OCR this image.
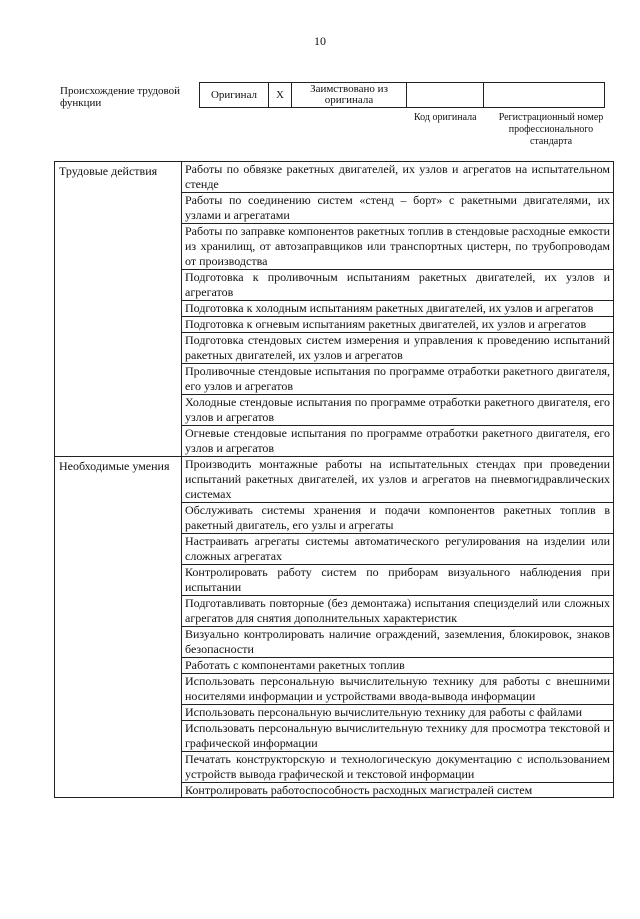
10
Происхождение трудовой функции
Оригинал	X	Заимствовано из оригинала		
Код оригинала	Регистрационный номер профессионального стандарта
Трудовые действия	Работы по обвязке ракетных двигателей, их узлов и агрегатов на испытательном стенде
	Работы по соединению систем «стенд – борт» с ракетными двигателями, их узлами и агрегатами
	Работы по заправке компонентов ракетных топлив в стендовые расходные емкости из хранилищ, от автозаправщиков или транспортных цистерн, по трубопроводам от производства
	Подготовка к проливочным испытаниям ракетных двигателей, их узлов и агрегатов
	Подготовка к холодным испытаниям ракетных двигателей, их узлов и агрегатов
	Подготовка к огневым испытаниям ракетных двигателей, их узлов и агрегатов
	Подготовка стендовых систем измерения и управления к проведению испытаний ракетных двигателей, их узлов и агрегатов
	Проливочные стендовые испытания по программе отработки ракетного двигателя, его узлов и агрегатов
	Холодные стендовые испытания по программе отработки ракетного двигателя, его узлов и агрегатов
	Огневые стендовые испытания по программе отработки ракетного двигателя, его узлов и агрегатов
Необходимые умения	Производить монтажные работы на испытательных стендах при проведении испытаний ракетных двигателей, их узлов и агрегатов на пневмогидравлических системах
	Обслуживать системы хранения и подачи компонентов ракетных топлив в ракетный двигатель, его узлы и агрегаты
	Настраивать агрегаты системы автоматического регулирования на изделии или сложных агрегатах
	Контролировать работу систем по приборам визуального наблюдения при испытании
	Подготавливать повторные (без демонтажа) испытания специзделий или сложных агрегатов для снятия дополнительных характеристик
	Визуально контролировать наличие ограждений, заземления, блокировок, знаков безопасности
	Работать с компонентами ракетных топлив
	Использовать персональную вычислительную технику для работы с внешними носителями информации и устройствами ввода-вывода информации
	Использовать персональную вычислительную технику для работы с файлами
	Использовать персональную вычислительную технику для просмотра текстовой и графической информации
	Печатать конструкторскую и технологическую документацию с использованием устройств вывода графической и текстовой информации

	Контролировать работоспособность расходных магистралей систем
